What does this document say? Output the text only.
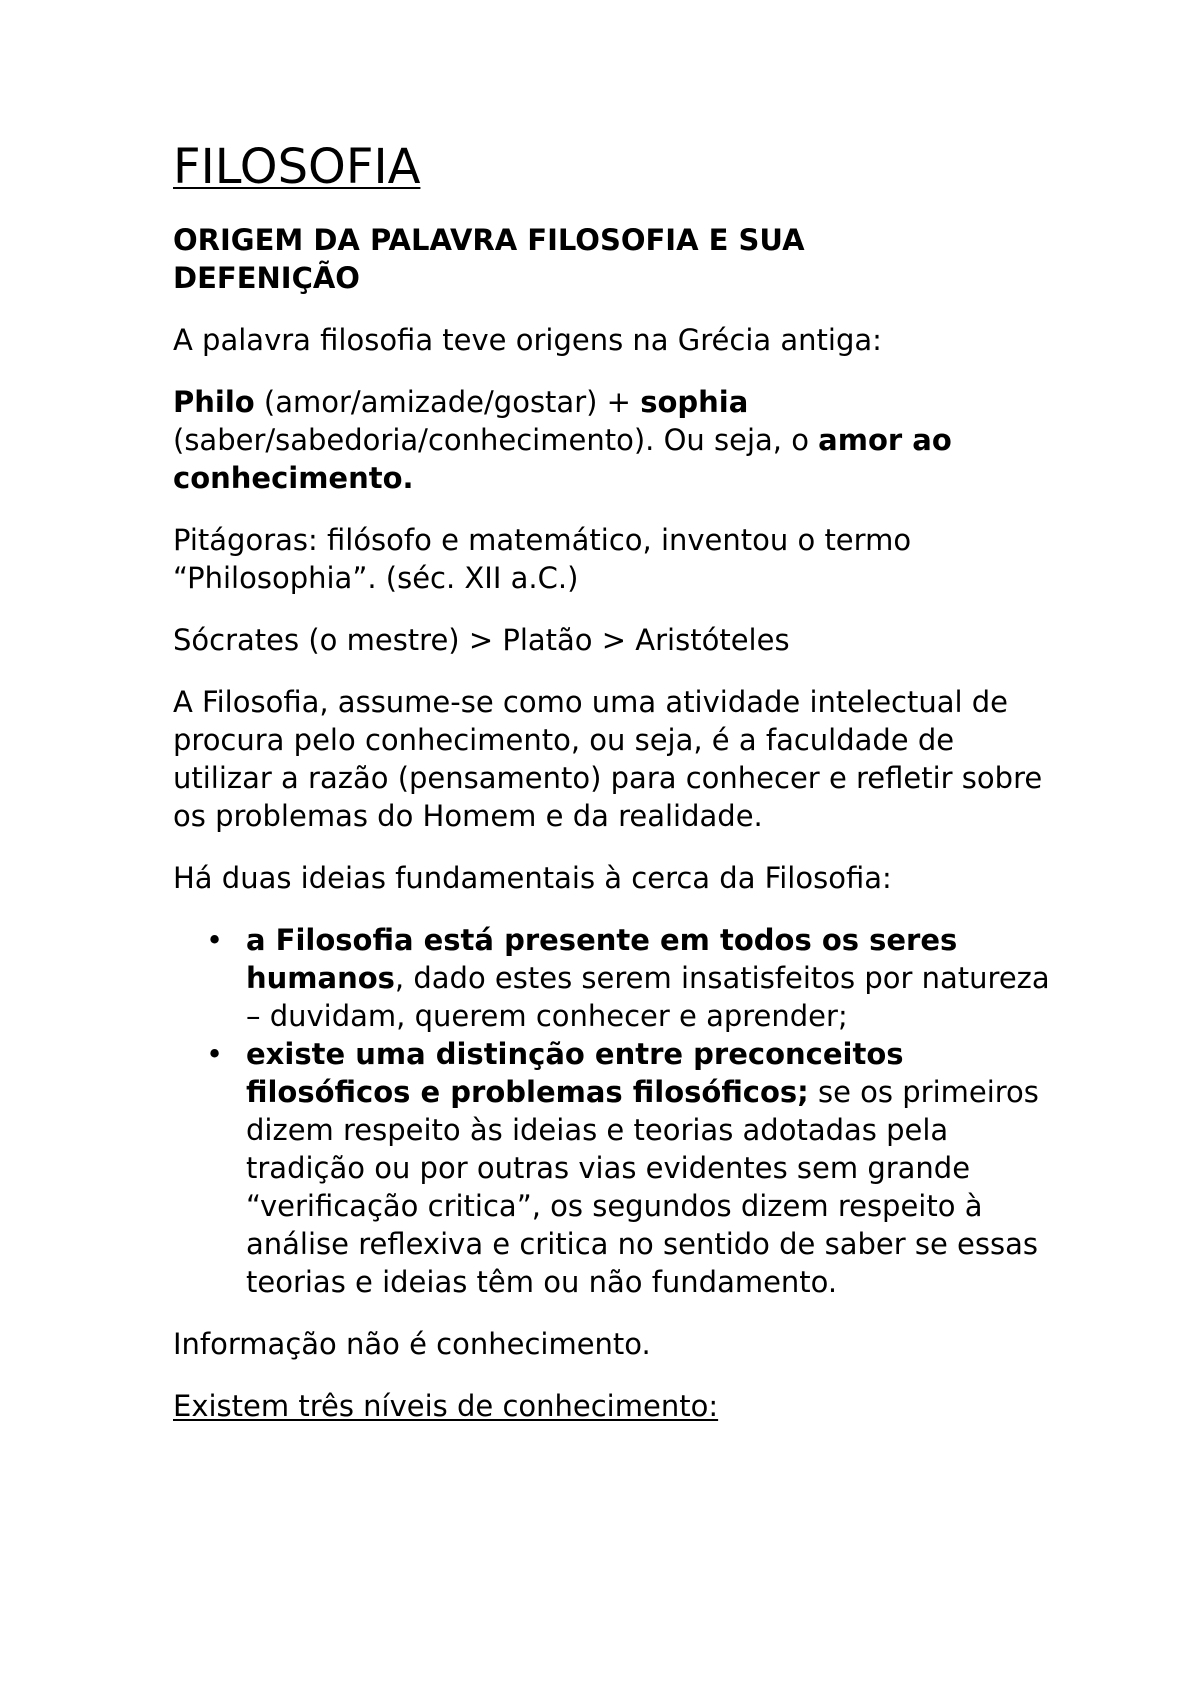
FILOSOFIA
ORIGEM DA PALAVRA FILOSOFIA E SUA
DEFENIÇÃO

A palavra filosofia teve origens na Grécia antiga:

Philo (amor/amizade/gostar) + sophia (saber/sabedoria/conhecimento). Ou seja, o amor ao conhecimento.

Pitágoras: filósofo e matemático, inventou o termo
“Philosophia”. (séc. XII a.C.)

Sócrates (o mestre) > Platão > Aristóteles

A Filosofia, assume-se como uma atividade intelectual de procura pelo conhecimento, ou seja, é a faculdade de utilizar a razão (pensamento) para conhecer e refletir sobre os problemas do Homem e da realidade.

Há duas ideias fundamentais à cerca da Filosofia:

• a Filosofia está presente em todos os seres humanos, dado estes serem insatisfeitos por natureza – duvidam, querem conhecer e aprender;
• existe uma distinção entre preconceitos filosóficos e problemas filosóficos; se os primeiros dizem respeito às ideias e teorias adotadas pela tradição ou por outras vias evidentes sem grande “verificação critica”, os segundos dizem respeito à análise reflexiva e critica no sentido de saber se essas teorias e ideias têm ou não fundamento.

Informação não é conhecimento.

Existem três níveis de conhecimento:
